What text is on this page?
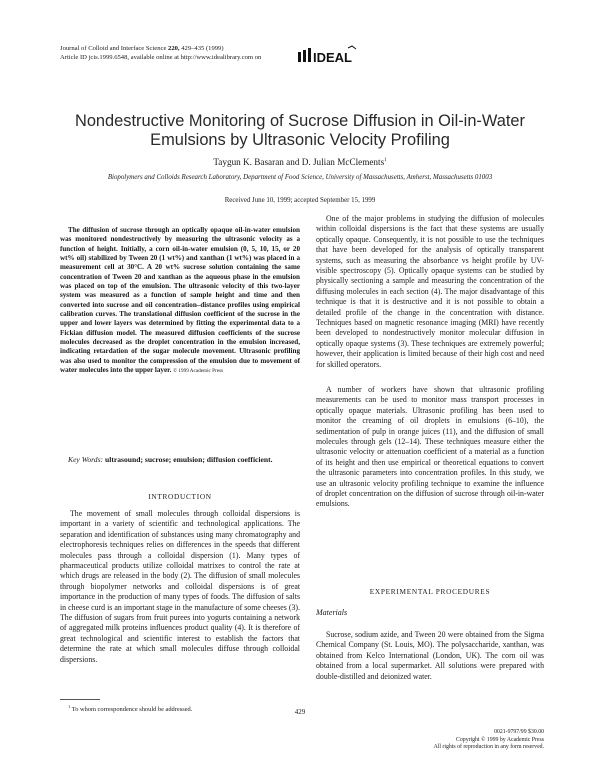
Journal of Colloid and Interface Science 220, 429–435 (1999)
Article ID jcis.1999.6548, available online at http://www.idealibrary.com on	IDEAL
Nondestructive Monitoring of Sucrose Diffusion in Oil-in-Water
Emulsions by Ultrasonic Velocity Profiling
Taygun K. Basaran and D. Julian McClements$^1$
Biopolymers and Colloids Research Laboratory, Department of Food Science, University of Massachusetts, Amherst, Massachusetts 01003
Received June 10, 1999; accepted September 15, 1999
The diffusion of sucrose through an optically opaque oil-in-water emulsion was monitored nondestructively by measuring the ultrasonic velocity as a function of height. Initially, a corn oil-in-water emulsion (0, 5, 10, 15, or 20 wt% oil) stabilized by Tween 20 (1 wt%) and xanthan (1 wt%) was placed in a measurement cell at 30°C. A 20 wt% sucrose solution containing the same concentration of Tween 20 and xanthan as the aqueous phase in the emulsion was placed on top of the emulsion. The ultrasonic velocity of this two-layer system was measured as a function of sample height and time and then converted into sucrose and oil concentration–distance profiles using empirical calibration curves. The translational diffusion coefficient of the sucrose in the upper and lower layers was determined by fitting the experimental data to a Fickian diffusion model. The measured diffusion coefficients of the sucrose molecules decreased as the droplet concentration in the emulsion increased, indicating retardation of the sugar molecule movement. Ultrasonic profiling was also used to monitor the compression of the emulsion due to movement of water molecules into the upper layer. © 1999 Academic Press
Key Words: ultrasound; sucrose; emulsion; diffusion coefficient.
INTRODUCTION

The movement of small molecules through colloidal dispersions is important in a variety of scientific and technological applications. The separation and identification of substances using many chromatography and electrophoresis techniques relies on differences in the speeds that different molecules pass through a colloidal dispersion (1). Many types of pharmaceutical products utilize colloidal matrixes to control the rate at which drugs are released in the body (2). The diffusion of small molecules through biopolymer networks and colloidal dispersions is of great importance in the production of many types of foods. The diffusion of salts in cheese curd is an important stage in the manufacture of some cheeses (3). The diffusion of sugars from fruit purees into yogurts containing a network of aggregated milk proteins influences product quality (4). It is therefore of great technological and scientific interest to establish the factors that determine the rate at which small molecules diffuse through colloidal dispersions.

$^1$ To whom correspondence should be addressed.

One of the major problems in studying the diffusion of molecules within colloidal dispersions is the fact that these systems are usually optically opaque. Consequently, it is not possible to use the techniques that have been developed for the analysis of optically transparent systems, such as measuring the absorbance vs height profile by UV-visible spectroscopy (5). Optically opaque systems can be studied by physically sectioning a sample and measuring the concentration of the diffusing molecules in each section (4). The major disadvantage of this technique is that it is destructive and it is not possible to obtain a detailed profile of the change in the concentration with distance. Techniques based on magnetic resonance imaging (MRI) have recently been developed to nondestructively monitor molecular diffusion in optically opaque systems (3). These techniques are extremely powerful; however, their application is limited because of their high cost and need for skilled operators.

A number of workers have shown that ultrasonic profiling measurements can be used to monitor mass transport processes in optically opaque materials. Ultrasonic profiling has been used to monitor the creaming of oil droplets in emulsions (6–10), the sedimentation of pulp in orange juices (11), and the diffusion of small molecules through gels (12–14). These techniques measure either the ultrasonic velocity or attenuation coefficient of a material as a function of its height and then use empirical or theoretical equations to convert the ultrasonic parameters into concentration profiles. In this study, we use an ultrasonic velocity profiling technique to examine the influence of droplet concentration on the diffusion of sucrose through oil-in-water emulsions.

EXPERIMENTAL PROCEDURES
Materials

Sucrose, sodium azide, and Tween 20 were obtained from the Sigma Chemical Company (St. Louis, MO). The polysaccharide, xanthan, was obtained from Kelco International (London, UK). The corn oil was obtained from a local supermarket. All solutions were prepared with double-distilled and deionized water.

429
0021-9797/99 $30.00
Copyright © 1999 by Academic Press
All rights of reproduction in any form reserved.
